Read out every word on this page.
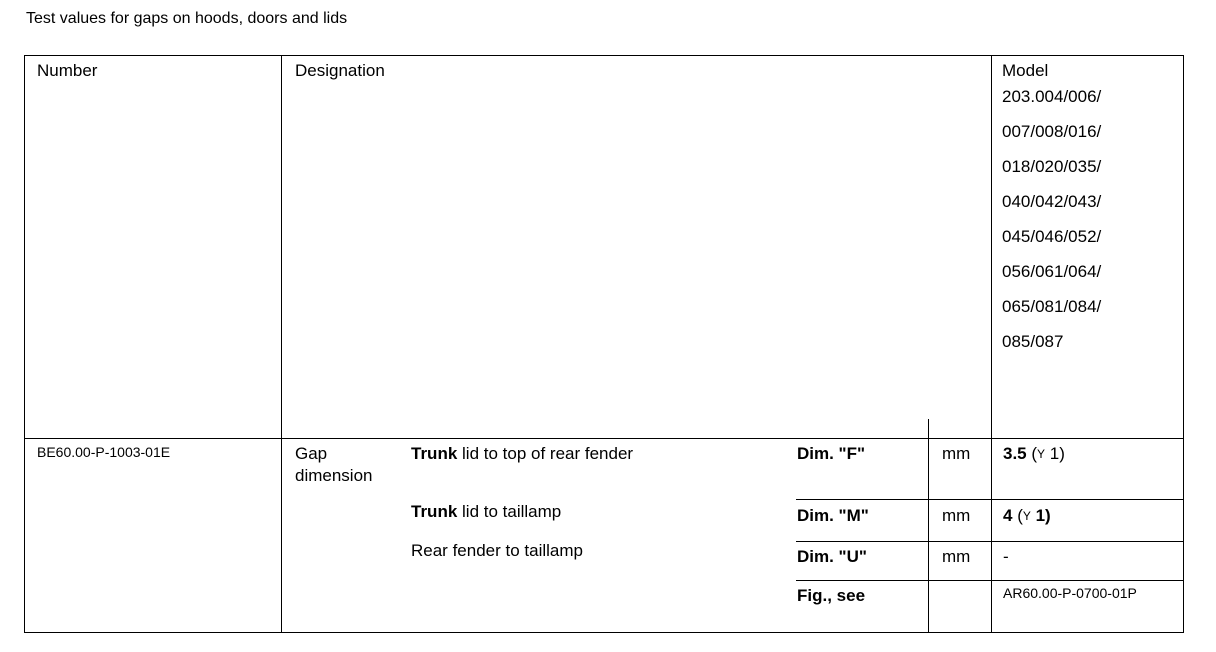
Test values for gaps on hoods, doors and lids
Number	Designation	Model
203.004/006/
007/008/016/
018/020/035/
040/042/043/
045/046/052/
056/061/064/
065/081/084/
085/087
BE60.00-P-1003-01E	Gap
dimension
Trunk lid to top of rear fender	Dim. "F"	mm 3.5 (Y 1)
Trunk lid to taillamp	Dim. "M"	mm 4 (Y 1)
Rear fender to taillamp	Dim. "U"	mm -
Fig., see	AR60.00-P-0700-01P
